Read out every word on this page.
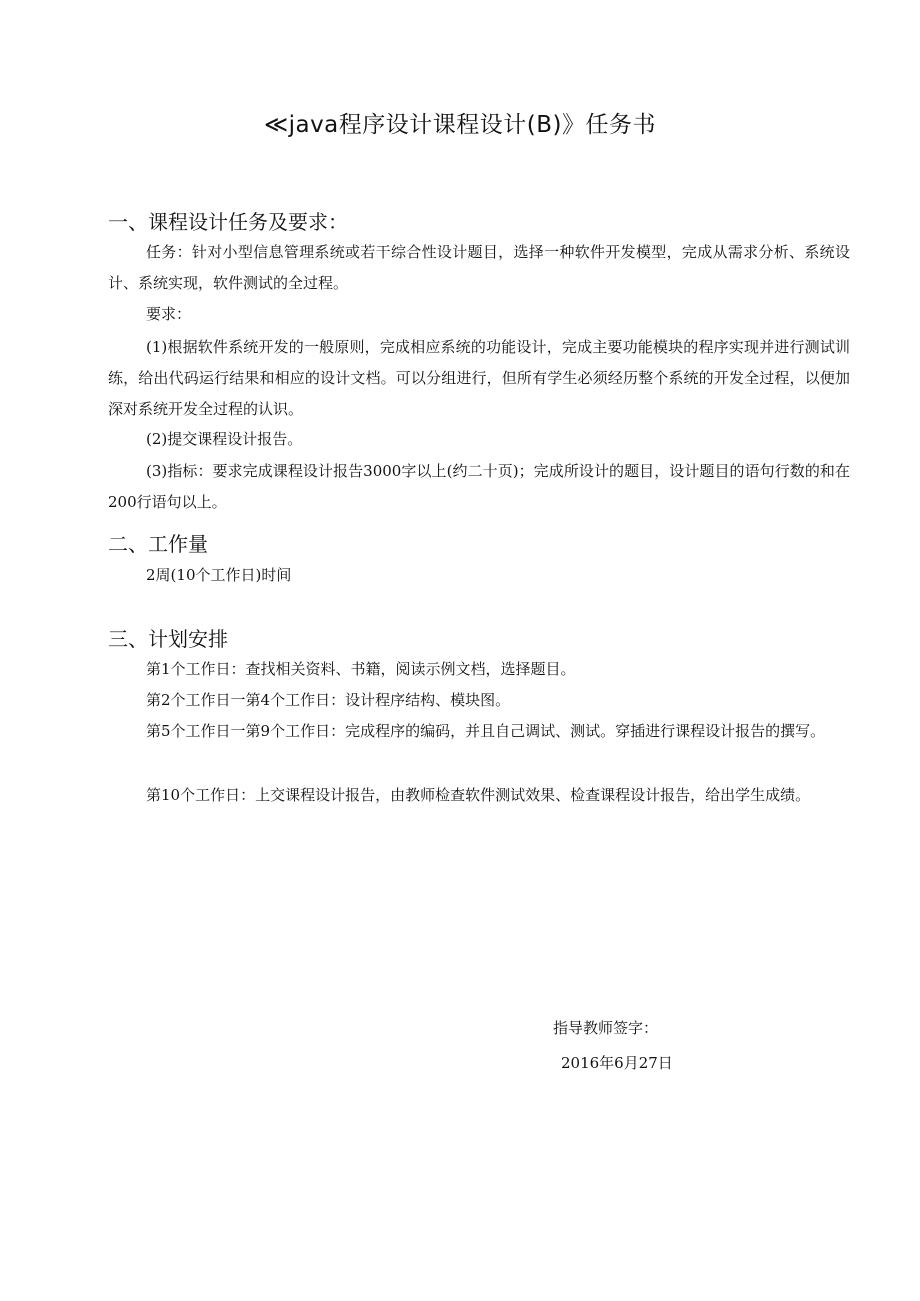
≪java程序设计课程设计(B)》任务书
一、课程设计任务及要求：
任务：针对小型信息管理系统或若干综合性设计题目，选择一种软件开发模型，完成从需求分析、系统设计、系统实现，软件测试的全过程。
要求：
(1)根据软件系统开发的一般原则，完成相应系统的功能设计，完成主要功能模块的程序实现并进行测试训练，给出代码运行结果和相应的设计文档。可以分组进行，但所有学生必须经历整个系统的开发全过程，以便加深对系统开发全过程的认识。
(2)提交课程设计报告。
(3)指标：要求完成课程设计报告3000字以上(约二十页)；完成所设计的题目，设计题目的语句行数的和在200行语句以上。
二、工作量
2周(10个工作日)时间
三、计划安排
第1个工作日：查找相关资料、书籍，阅读示例文档，选择题目。
第2个工作日一第4个工作日：设计程序结构、模块图。
第5个工作日一第9个工作日：完成程序的编码，并且自己调试、测试。穿插进行课程设计报告的撰写。
第10个工作日：上交课程设计报告，由教师检查软件测试效果、检查课程设计报告，给出学生成绩。
指导教师签字：
2016年6月27日
